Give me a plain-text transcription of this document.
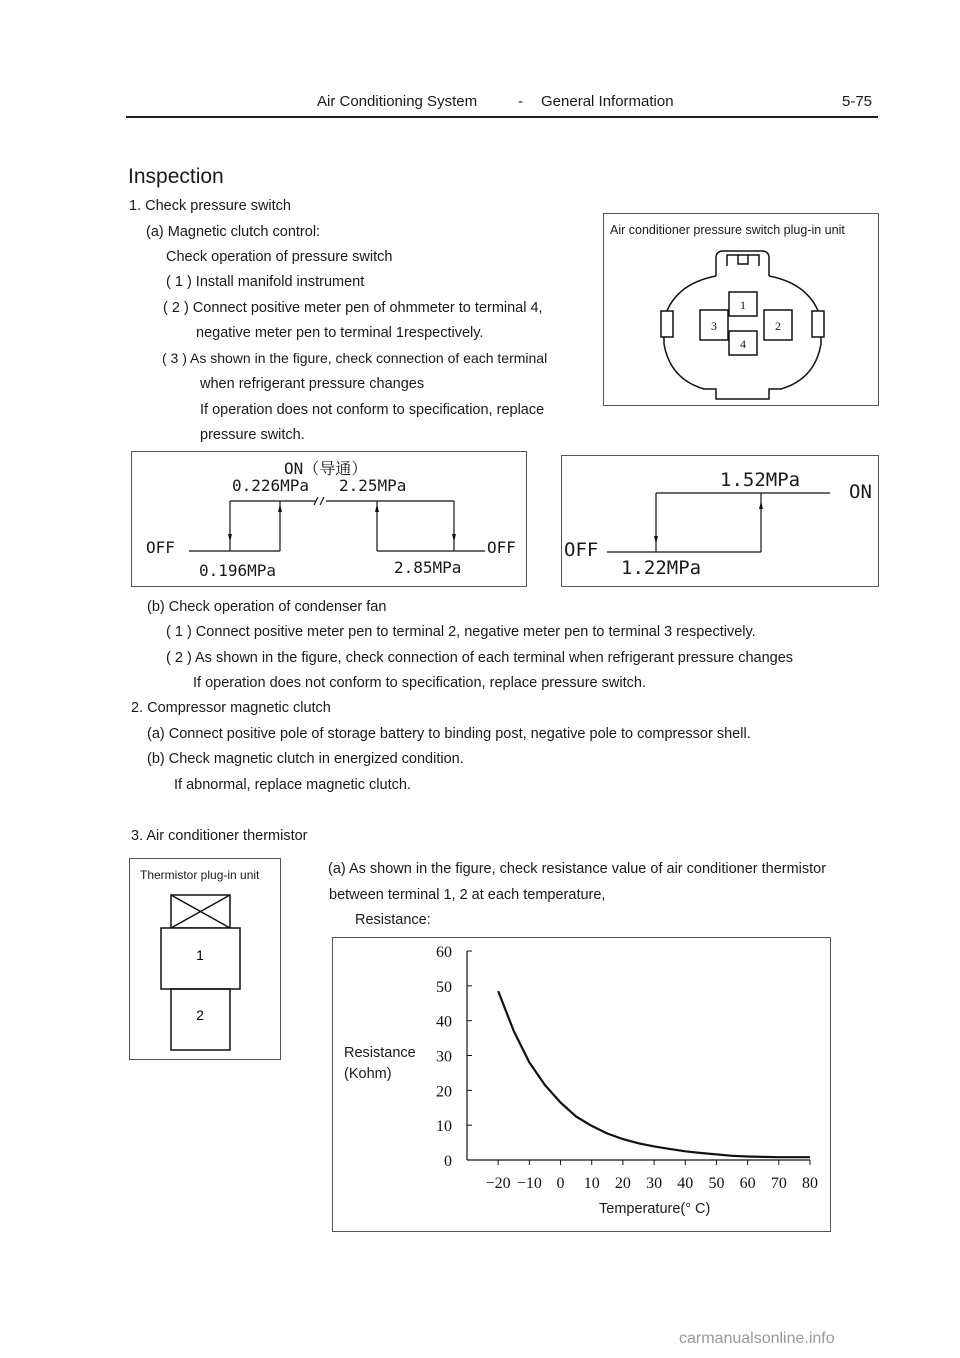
Air Conditioning System	- General Information	5-75
Inspection
1. Check pressure switch
(a) Magnetic clutch control:
Check operation of pressure switch
( 1 ) Install manifold instrument
( 2 ) Connect positive meter pen of ohmmeter to terminal 4,
negative meter pen to terminal 1respectively.
( 3 ) As shown in the figure, check connection of each terminal
when refrigerant pressure changes
If operation does not conform to specification, replace
pressure switch.
Air conditioner pressure switch plug-in unit
1
3	2
4
ON（导通）
0.226MPa 2.25MPa
OFF	OFF
0.196MPa	2.85MPa
1.52MPa
ON
OFF
1.22MPa
(b) Check operation of condenser fan
( 1 ) Connect positive meter pen to terminal 2, negative meter pen to terminal 3 respectively.
( 2 ) As shown in the figure, check connection of each terminal when refrigerant pressure changes
If operation does not conform to specification, replace pressure switch.
2. Compressor magnetic clutch
(a) Connect positive pole of storage battery to binding post, negative pole to compressor shell.
(b) Check magnetic clutch in energized condition.
If abnormal, replace magnetic clutch.
3. Air conditioner thermistor
Thermistor plug-in unit
1
2
(a) As shown in the figure, check resistance value of air conditioner thermistor
between terminal 1, 2 at each temperature,
Resistance:
Resistance
(Kohm)
Temperature(° C)
0
10
20
30
40
50
60
−20 −10 0 10 20 30 40 50 60 70 80
carmanualsonline.info
